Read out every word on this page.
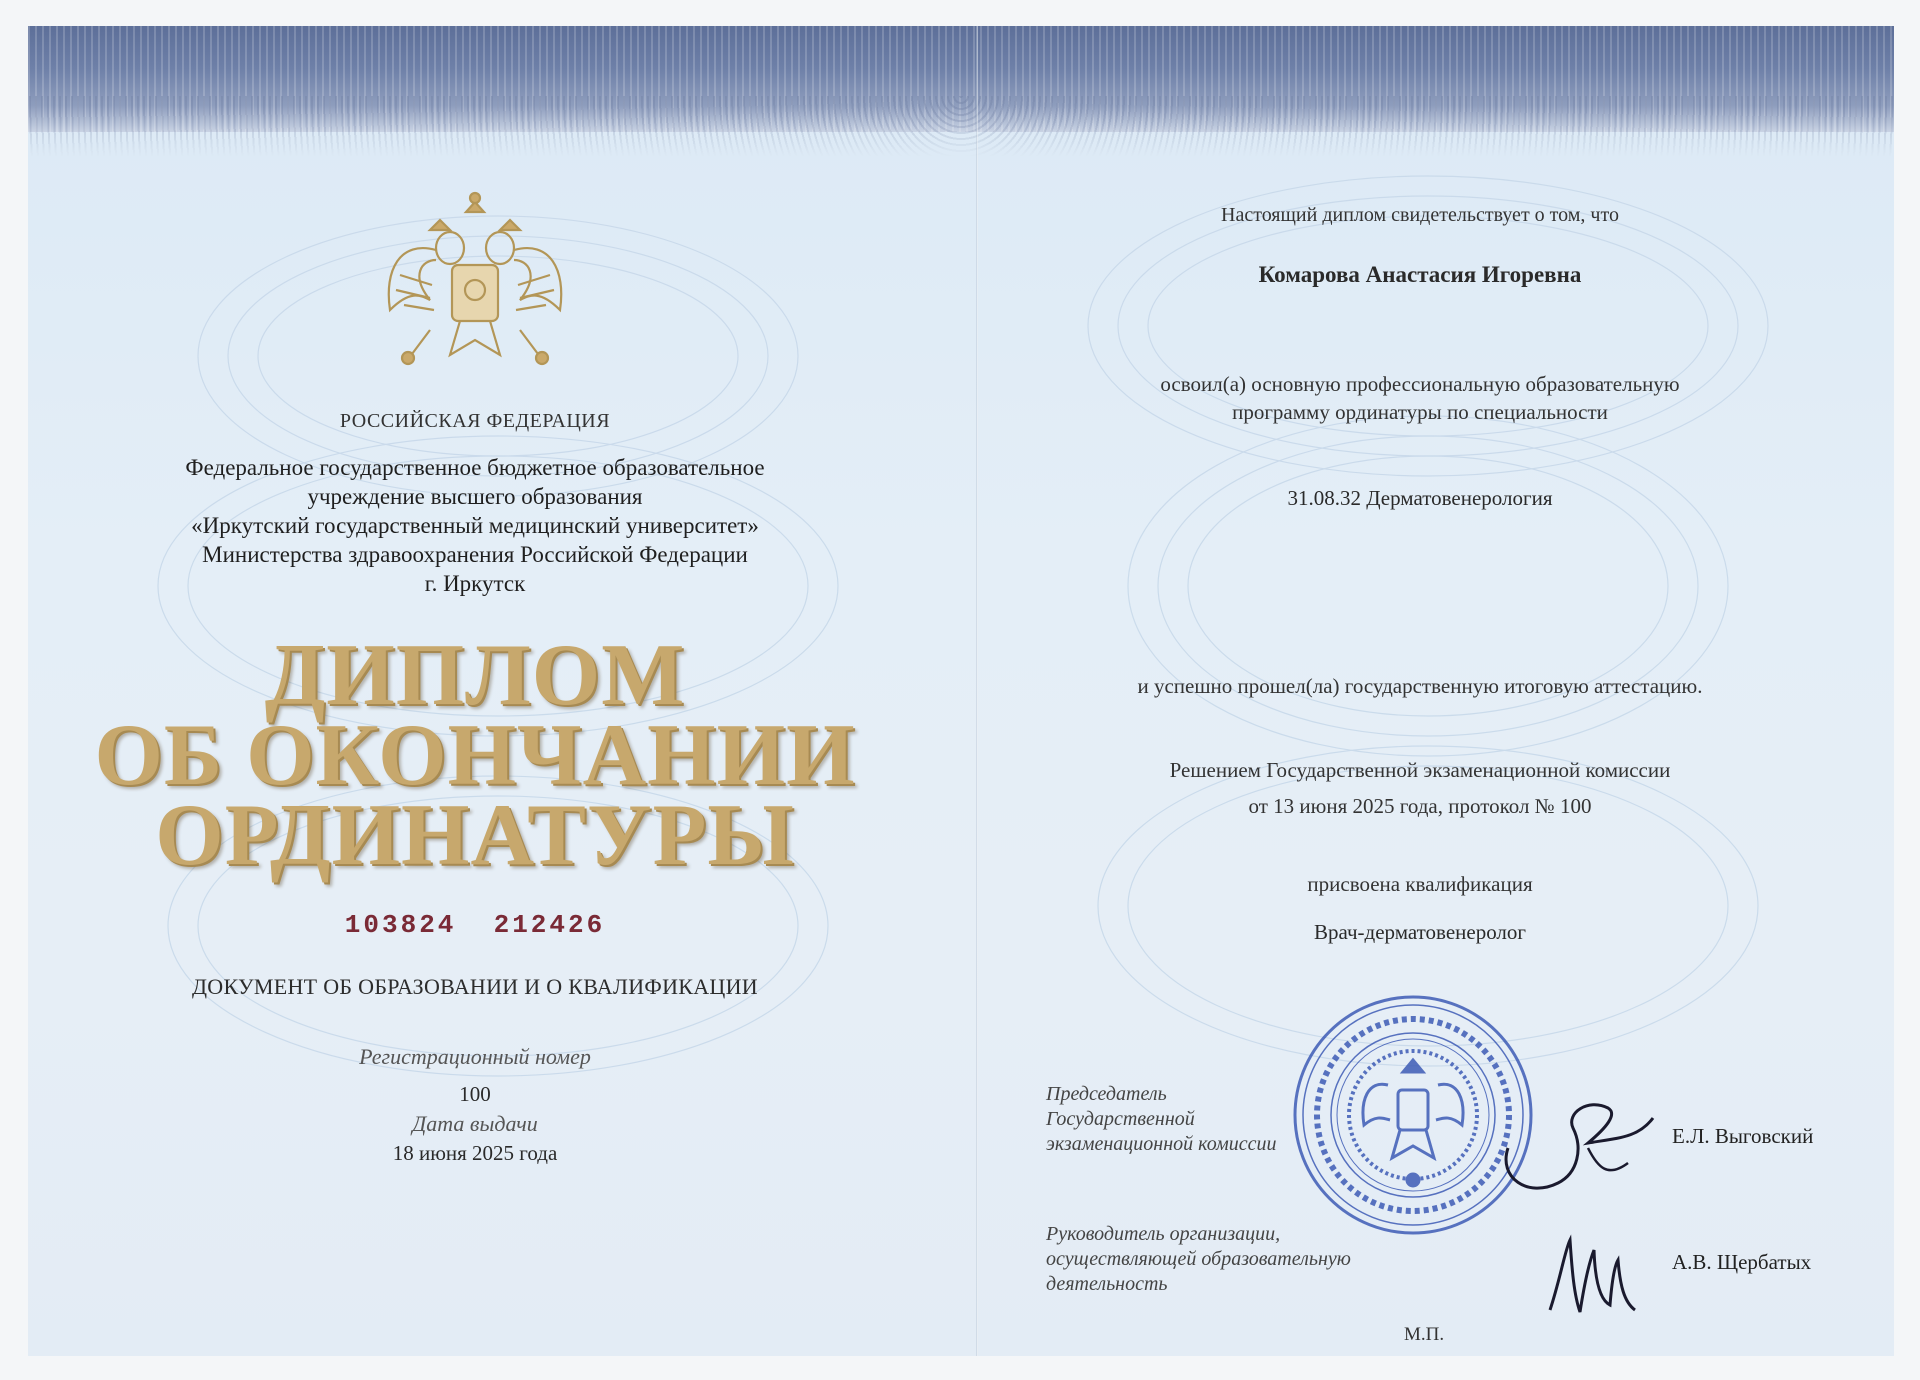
РОССИЙСКАЯ ФЕДЕРАЦИЯ
Федеральное государственное бюджетное образовательное
учреждение высшего образования
«Иркутский государственный медицинский университет»
Министерства здравоохранения Российской Федерации
г. Иркутск
ДИПЛОМ
ОБ ОКОНЧАНИИ
ОРДИНАТУРЫ
103824  212426
ДОКУМЕНТ ОБ ОБРАЗОВАНИИ И О КВАЛИФИКАЦИИ
Регистрационный номер
100
Дата выдачи
18 июня 2025 года
Настоящий диплом свидетельствует о том, что
Комарова Анастасия Игоревна
освоил(а) основную профессиональную образовательную
программу ординатуры по специальности
31.08.32 Дерматовенерология
и успешно прошел(ла) государственную итоговую аттестацию.
Решением Государственной экзаменационной комиссии
от 13 июня 2025 года, протокол № 100
присвоена квалификация
Врач-дерматовенеролог
Председатель
Государственной
экзаменационной комиссии	Е.Л. Выговский
Руководитель организации,
осуществляющей образовательную
деятельность
А.В. Щербатых
М.П.
